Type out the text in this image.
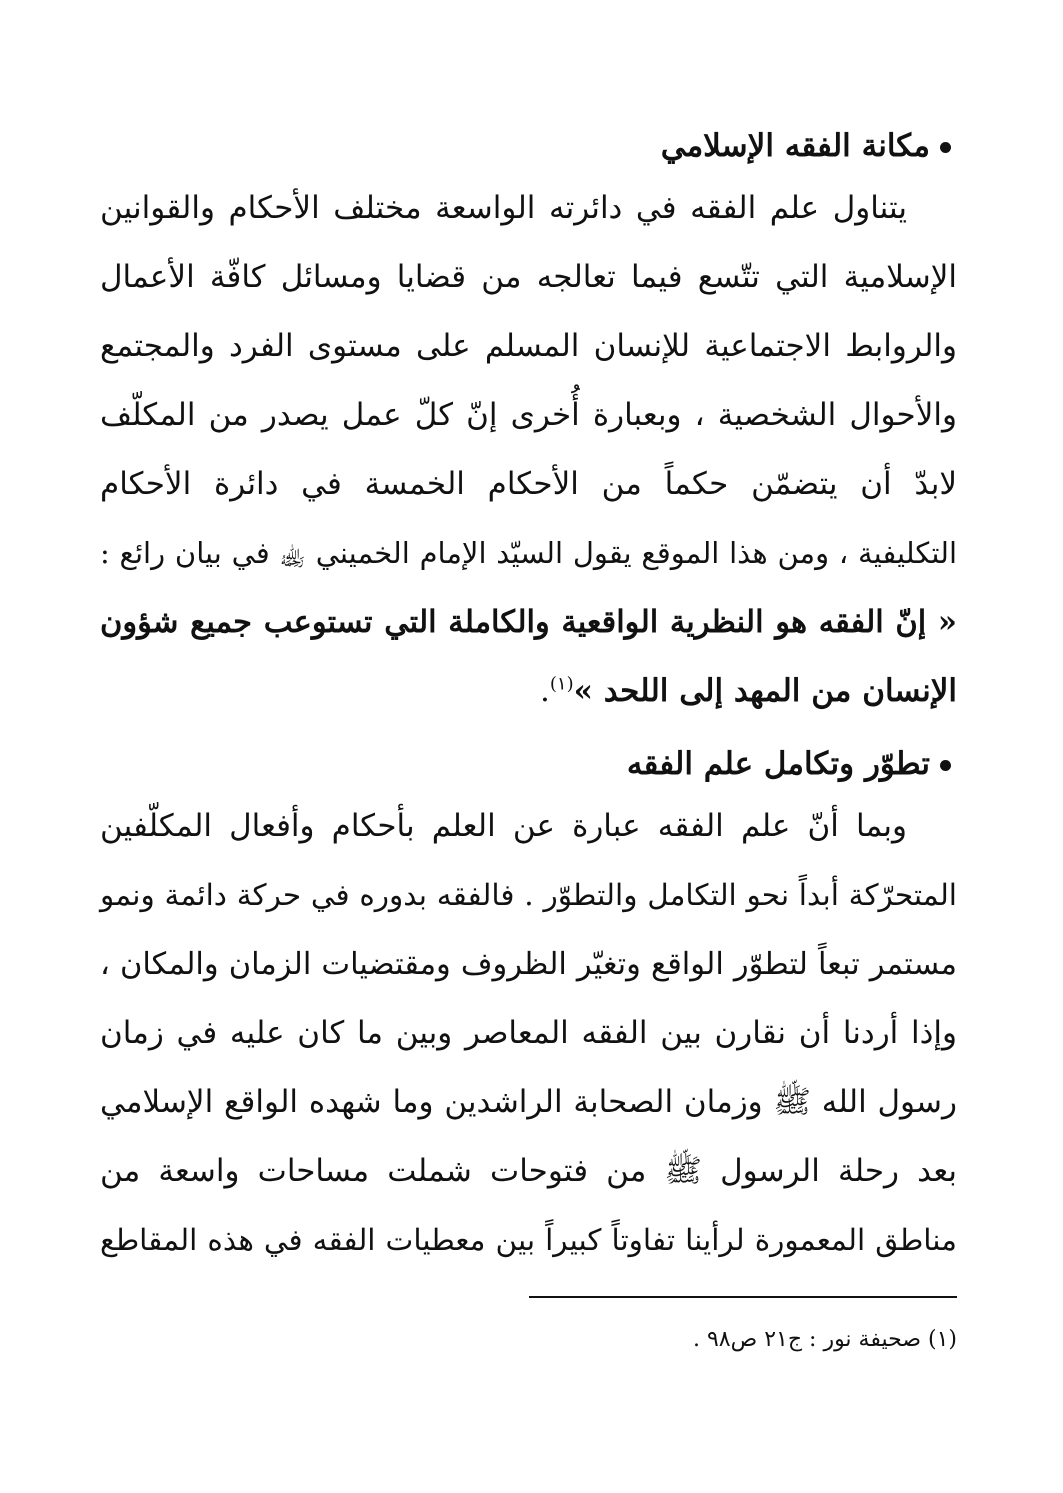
مكانة الفقه الإسلامي
يتناول علم الفقه في دائرته الواسعة مختلف الأحكام والقوانين
الإسلامية التي تتّسع فيما تعالجه من قضايا ومسائل كافّة الأعمال
والروابط الاجتماعية للإنسان المسلم على مستوى الفرد والمجتمع
والأحوال الشخصية ، وبعبارة أُخرى إنّ كلّ عمل يصدر من المكلّف
لابدّ أن يتضمّن حكماً من الأحكام الخمسة في دائرة الأحكام
التكليفية ، ومن هذا الموقع يقول السيّد الإمام الخميني ﵀ في بيان رائع :
« إنّ الفقه هو النظرية الواقعية والكاملة التي تستوعب جميع شؤون
الإنسان من المهد إلى اللحد »$^{(١)}$.
تطوّر وتكامل علم الفقه
وبما أنّ علم الفقه عبارة عن العلم بأحكام وأفعال المكلّفين
المتحرّكة أبداً نحو التكامل والتطوّر . فالفقه بدوره في حركة دائمة ونمو
مستمر تبعاً لتطوّر الواقع وتغيّر الظروف ومقتضيات الزمان والمكان ،
وإذا أردنا أن نقارن بين الفقه المعاصر وبين ما كان عليه في زمان
رسول الله ﷺ وزمان الصحابة الراشدين وما شهده الواقع الإسلامي
بعد رحلة الرسول ﷺ من فتوحات شملت مساحات واسعة من
مناطق المعمورة لرأينا تفاوتاً كبيراً بين معطيات الفقه في هذه المقاطع
(١) صحيفة نور : ج٢١ ص٩٨ .
